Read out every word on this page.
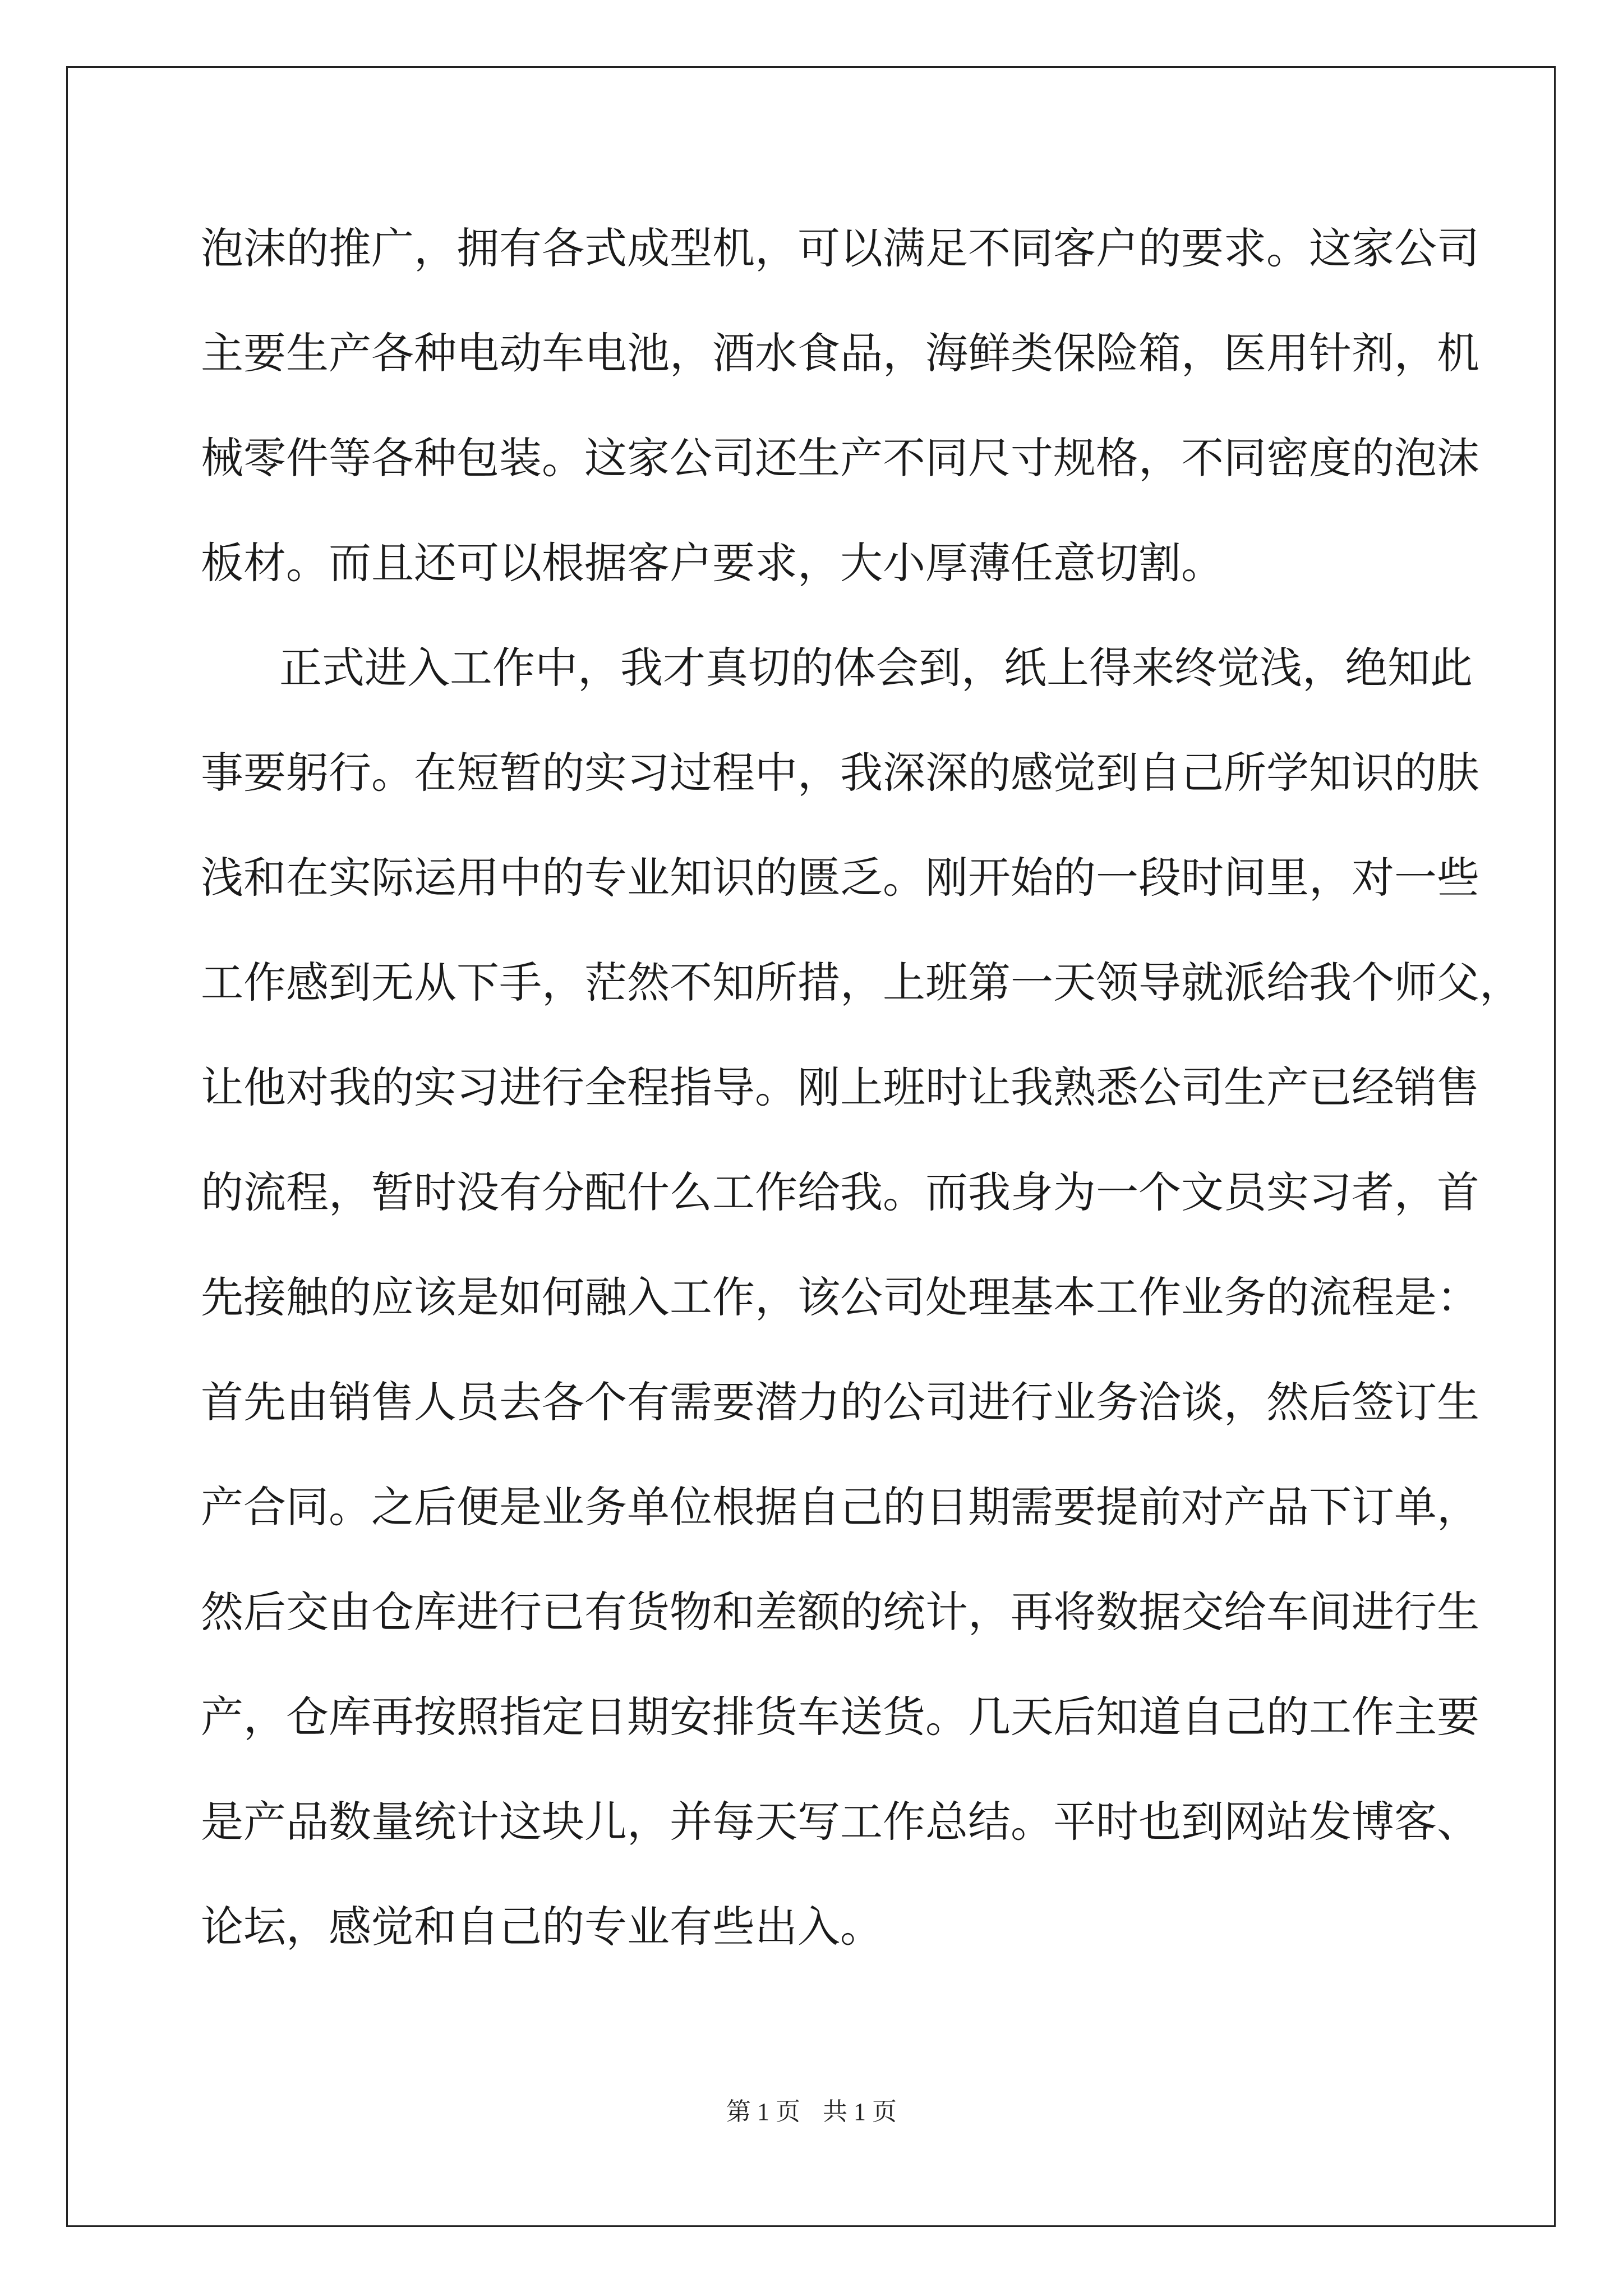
泡沫的推广，拥有各式成型机，可以满足不同客户的要求。这家公司
主要生产各种电动车电池，酒水食品，海鲜类保险箱，医用针剂，机
械零件等各种包装。这家公司还生产不同尺寸规格，不同密度的泡沫
板材。而且还可以根据客户要求，大小厚薄任意切割。
正式进入工作中，我才真切的体会到，纸上得来终觉浅，绝知此
事要躬行。在短暂的实习过程中，我深深的感觉到自己所学知识的肤
浅和在实际运用中的专业知识的匮乏。刚开始的一段时间里，对一些
工作感到无从下手，茫然不知所措，上班第一天领导就派给我个师父，
让他对我的实习进行全程指导。刚上班时让我熟悉公司生产已经销售
的流程，暂时没有分配什么工作给我。而我身为一个文员实习者，首
先接触的应该是如何融入工作，该公司处理基本工作业务的流程是：
首先由销售人员去各个有需要潜力的公司进行业务洽谈，然后签订生
产合同。之后便是业务单位根据自己的日期需要提前对产品下订单，
然后交由仓库进行已有货物和差额的统计，再将数据交给车间进行生
产，仓库再按照指定日期安排货车送货。几天后知道自己的工作主要
是产品数量统计这块儿，并每天写工作总结。平时也到网站发博客、
论坛，感觉和自己的专业有些出入。
第 1 页 共 1 页
